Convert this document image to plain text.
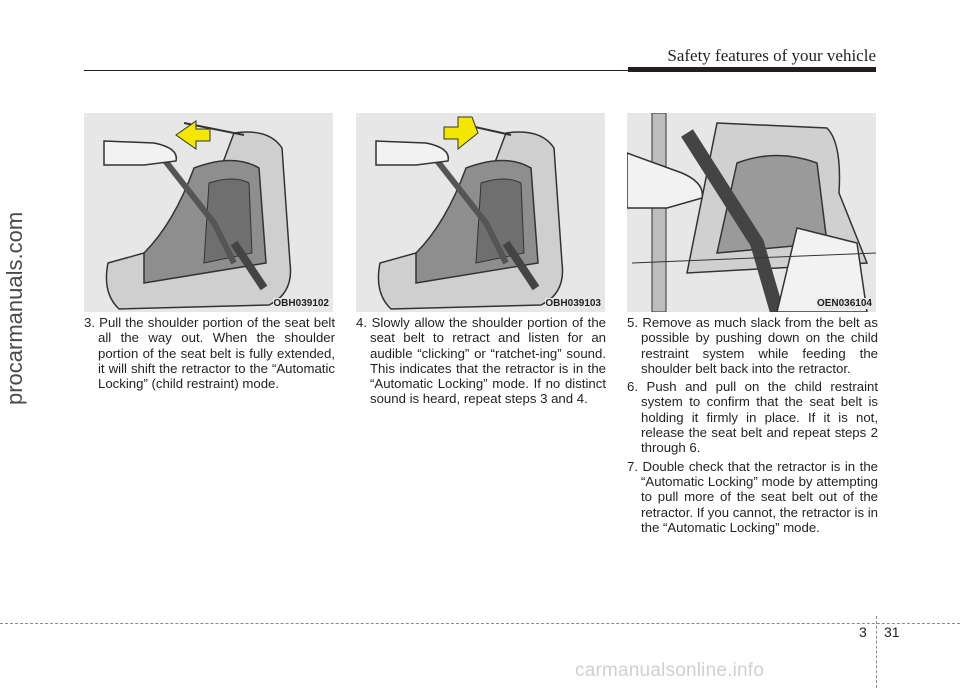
Safety features of your vehicle
procarmanuals.com	OBH039102	OBH039103	OEN036104

3. Pull the shoulder portion of the seat belt all the way out. When the shoulder portion of the seat belt is fully extended, it will shift the retractor to the “Automatic Locking” (child restraint) mode.

4. Slowly allow the shoulder portion of the seat belt to retract and listen for an audible “clicking” or “ratchet-ing” sound. This indicates that the retractor is in the “Automatic Locking” mode. If no distinct sound is heard, repeat steps 3 and 4.

5. Remove as much slack from the belt as possible by pushing down on the child restraint system while feeding the shoulder belt back into the retractor.

6. Push and pull on the child restraint system to confirm that the seat belt is holding it firmly in place. If it is not, release the seat belt and repeat steps 2 through 6.

7. Double check that the retractor is in the “Automatic Locking” mode by attempting to pull more of the seat belt out of the retractor. If you cannot, the retractor is in the “Automatic Locking” mode.

3 31
carmanualsonline.info
